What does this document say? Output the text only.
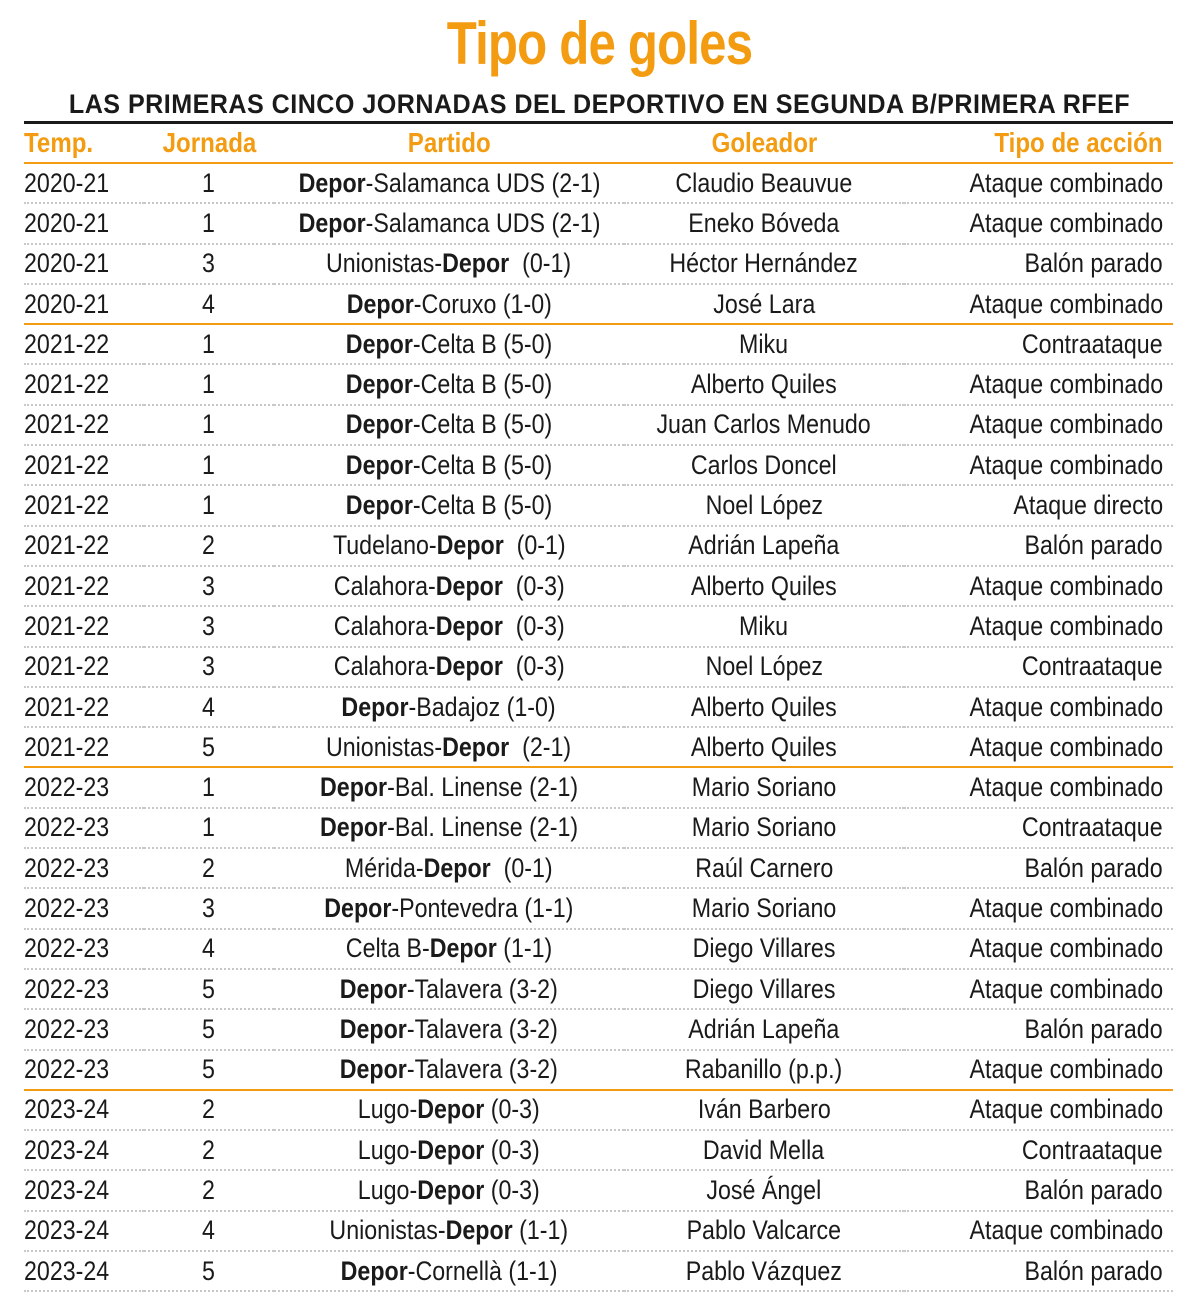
Tipo de goles
LAS PRIMERAS CINCO JORNADAS DEL DEPORTIVO EN SEGUNDA B/PRIMERA RFEF
Temp.	Jornada	Partido	Goleador	Tipo de acción
2020-21	1	Depor-Salamanca UDS (2-1)	Claudio Beauvue	Ataque combinado
2020-21	1	Depor-Salamanca UDS (2-1)	Eneko Bóveda	Ataque combinado
2020-21	3	Unionistas-Depor  (0-1)	Héctor Hernández	Balón parado
2020-21	4	Depor-Coruxo (1-0)	José Lara	Ataque combinado
2021-22	1	Depor-Celta B (5-0)	Miku	Contraataque
2021-22	1	Depor-Celta B (5-0)	Alberto Quiles	Ataque combinado
2021-22	1	Depor-Celta B (5-0)	Juan Carlos Menudo	Ataque combinado
2021-22	1	Depor-Celta B (5-0)	Carlos Doncel	Ataque combinado
2021-22	1	Depor-Celta B (5-0)	Noel López	Ataque directo
2021-22	2	Tudelano-Depor  (0-1)	Adrián Lapeña	Balón parado
2021-22	3	Calahora-Depor  (0-3)	Alberto Quiles	Ataque combinado
2021-22	3	Calahora-Depor  (0-3)	Miku	Ataque combinado
2021-22	3	Calahora-Depor  (0-3)	Noel López	Contraataque
2021-22	4	Depor-Badajoz (1-0)	Alberto Quiles	Ataque combinado
2021-22	5	Unionistas-Depor  (2-1)	Alberto Quiles	Ataque combinado
2022-23	1	Depor-Bal. Linense (2-1)	Mario Soriano	Ataque combinado
2022-23	1	Depor-Bal. Linense (2-1)	Mario Soriano	Contraataque
2022-23	2	Mérida-Depor  (0-1)	Raúl Carnero	Balón parado
2022-23	3	Depor-Pontevedra (1-1)	Mario Soriano	Ataque combinado
2022-23	4	Celta B-Depor (1-1)	Diego Villares	Ataque combinado
2022-23	5	Depor-Talavera (3-2)	Diego Villares	Ataque combinado
2022-23	5	Depor-Talavera (3-2)	Adrián Lapeña	Balón parado
2022-23	5	Depor-Talavera (3-2)	Rabanillo (p.p.)	Ataque combinado
2023-24	2	Lugo-Depor (0-3)	Iván Barbero	Ataque combinado
2023-24	2	Lugo-Depor (0-3)	David Mella	Contraataque
2023-24	2	Lugo-Depor (0-3)	José Ángel	Balón parado
2023-24	4	Unionistas-Depor (1-1)	Pablo Valcarce	Ataque combinado
2023-24	5	Depor-Cornellà (1-1)	Pablo Vázquez	Balón parado
